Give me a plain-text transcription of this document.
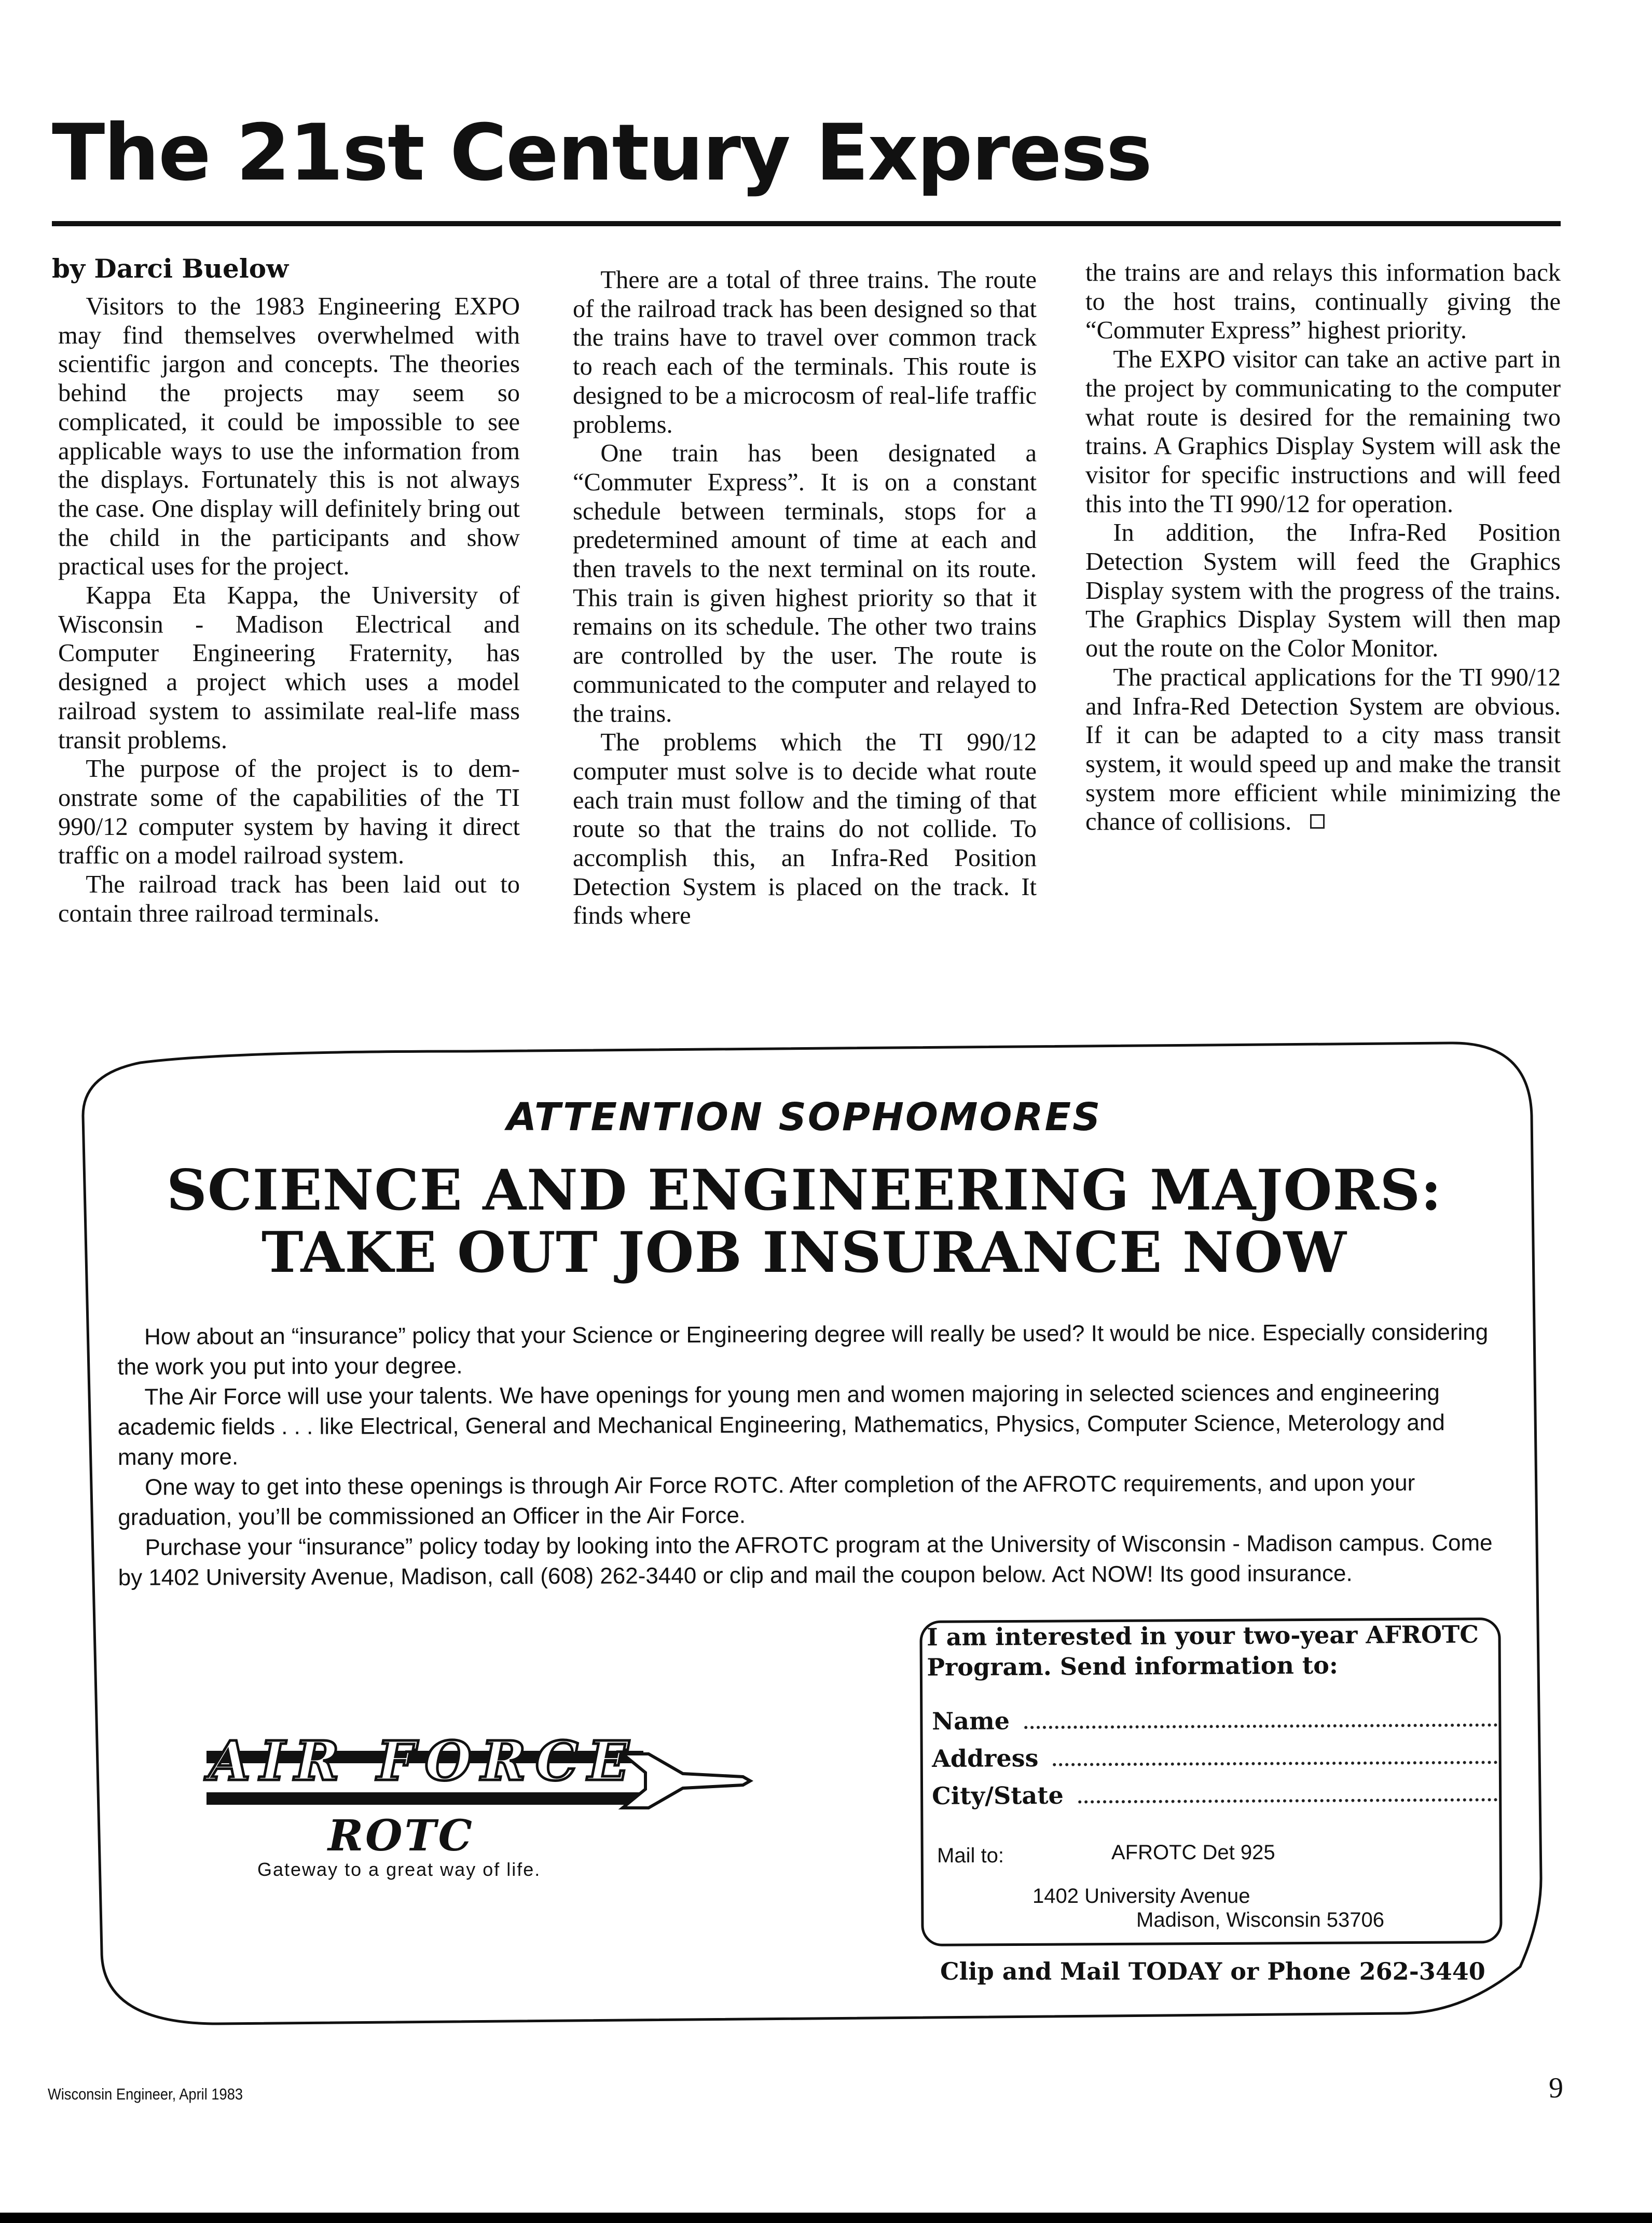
The 21st Century Express
by Darci Buelow

Visitors to the 1983 Engineering EXPO may find themselves overwhelmed with scientific jargon and concepts. The theories behind the projects may seem so complicated, it could be impossible to see applicable ways to use the information from the displays. Fortunately this is not always the case. One display will definitely bring out the child in the participants and show practical uses for the project.

Kappa Eta Kappa, the University of Wisconsin - Madison Electrical and Computer Engineering Fraternity, has designed a project which uses a model railroad system to assimilate real-life mass transit problems.

The purpose of the project is to demonstrate some of the capabilities of the TI 990/12 computer system by having it direct traffic on a model railroad system.

The railroad track has been laid out to contain three railroad terminals.

There are a total of three trains. The route of the railroad track has been designed so that the trains have to travel over common track to reach each of the terminals. This route is designed to be a microcosm of real-life traffic problems.

One train has been designated a “Commuter Express”. It is on a constant schedule between terminals, stops for a predetermined amount of time at each and then travels to the next terminal on its route. This train is given highest priority so that it remains on its schedule. The other two trains are controlled by the user. The route is communicated to the computer and relayed to the trains.

The problems which the TI 990/12 computer must solve is to decide what route each train must follow and the timing of that route so that the trains do not collide. To accomplish this, an Infra-Red Position Detection System is placed on the track. It finds where

the trains are and relays this information back to the host trains, continually giving the “Commuter Express” highest priority.

The EXPO visitor can take an active part in the project by communicating to the computer what route is desired for the remaining two trains. A Graphics Display System will ask the visitor for specific instructions and will feed this into the TI 990/12 for operation.

In addition, the Infra-Red Position Detection System will feed the Graphics Display system with the progress of the trains. The Graphics Display System will then map out the route on the Color Monitor.

The practical applications for the TI 990/12 and Infra-Red Detection System are obvious. If it can be adapted to a city mass transit system, it would speed up and make the transit system more efficient while minimizing the chance of collisions.

ATTENTION SOPHOMORES
SCIENCE AND ENGINEERING MAJORS:
TAKE OUT JOB INSURANCE NOW

How about an “insurance” policy that your Science or Engineering degree will really be used? It would be nice. Especially considering the work you put into your degree.

The Air Force will use your talents. We have openings for young men and women majoring in selected sciences and engineering academic fields . . . like Electrical, General and Mechanical Engineering, Mathematics, Physics, Computer Science, Meterology and many more.

One way to get into these openings is through Air Force ROTC. After completion of the AFROTC requirements, and upon your graduation, you’ll be commissioned an Officer in the Air Force.

Purchase your “insurance” policy today by looking into the AFROTC program at the University of Wisconsin - Madison campus. Come by 1402 University Avenue, Madison, call (608) 262-3440 or clip and mail the coupon below. Act NOW! Its good insurance.

AIR FORCE
ROTC
Gateway to a great way of life.
I am interested in your two-year AFROTC Program. Send information to:
Name
Address
City/State
Mail to:	AFROTC Det 925
1402 University Avenue
Madison, Wisconsin 53706
Clip and Mail TODAY or Phone 262-3440
Wisconsin Engineer, April 1983	9
